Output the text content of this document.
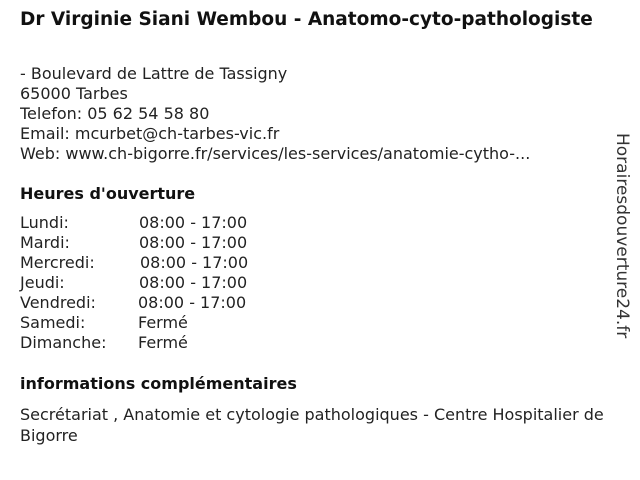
Dr Virginie Siani Wembou - Anatomo-cyto-pathologiste
- Boulevard de Lattre de Tassigny
65000 Tarbes
Telefon: 05 62 54 58 80
Email: mcurbet@ch-tarbes-vic.fr
Web: www.ch-bigorre.fr/services/les-services/anatomie-cytho-...
Heures d'ouverture
Lundi:	08:00 - 17:00
Mardi:	08:00 - 17:00
Mercredi:	08:00 - 17:00
Jeudi:	08:00 - 17:00
Vendredi:	08:00 - 17:00
Samedi:	Fermé
Dimanche:	Fermé
informations complémentaires
Secrétariat , Anatomie et cytologie pathologiques - Centre Hospitalier de Bigorre
Horairesdouverture24.fr
